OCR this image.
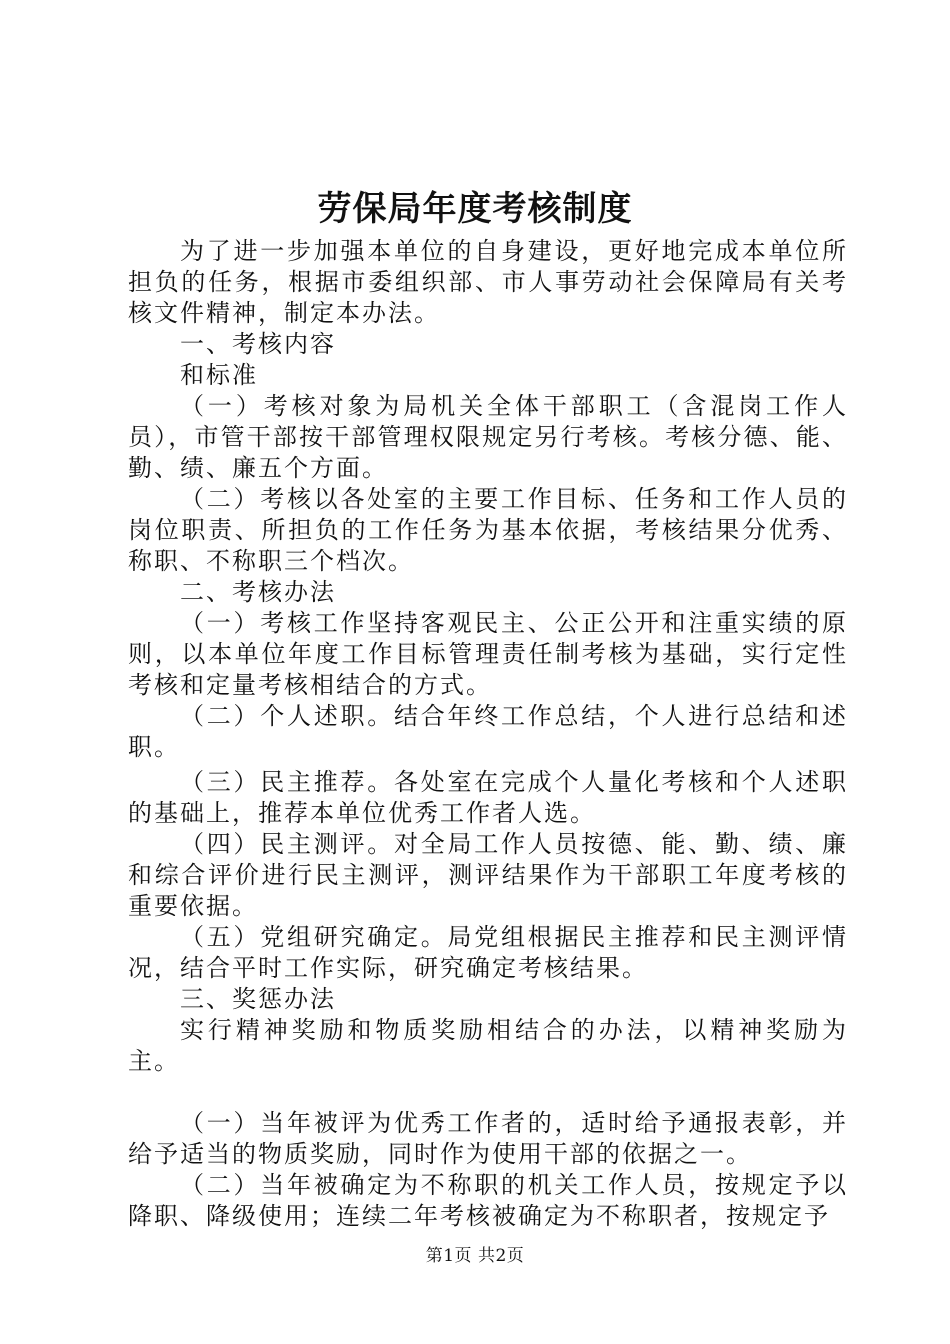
劳保局年度考核制度

为了进一步加强本单位的自身建设，更好地完成本单位所担负的任务，根据市委组织部、市人事劳动社会保障局有关考核文件精神，制定本办法。

一、考核内容

和标准

（一）考核对象为局机关全体干部职工（含混岗工作人员），市管干部按干部管理权限规定另行考核。考核分德、能、勤、绩、廉五个方面。

（二）考核以各处室的主要工作目标、任务和工作人员的岗位职责、所担负的工作任务为基本依据，考核结果分优秀、称职、不称职三个档次。

二、考核办法

（一）考核工作坚持客观民主、公正公开和注重实绩的原则，以本单位年度工作目标管理责任制考核为基础，实行定性考核和定量考核相结合的方式。

（二）个人述职。结合年终工作总结，个人进行总结和述职。

（三）民主推荐。各处室在完成个人量化考核和个人述职的基础上，推荐本单位优秀工作者人选。

（四）民主测评。对全局工作人员按德、能、勤、绩、廉和综合评价进行民主测评，测评结果作为干部职工年度考核的重要依据。

（五）党组研究确定。局党组根据民主推荐和民主测评情况，结合平时工作实际，研究确定考核结果。

三、奖惩办法

实行精神奖励和物质奖励相结合的办法，以精神奖励为主。

（一）当年被评为优秀工作者的，适时给予通报表彰，并给予适当的物质奖励，同时作为使用干部的依据之一。

（二）当年被确定为不称职的机关工作人员，按规定予以降职、降级使用；连续二年考核被确定为不称职者，按规定予

第1页 共2页
